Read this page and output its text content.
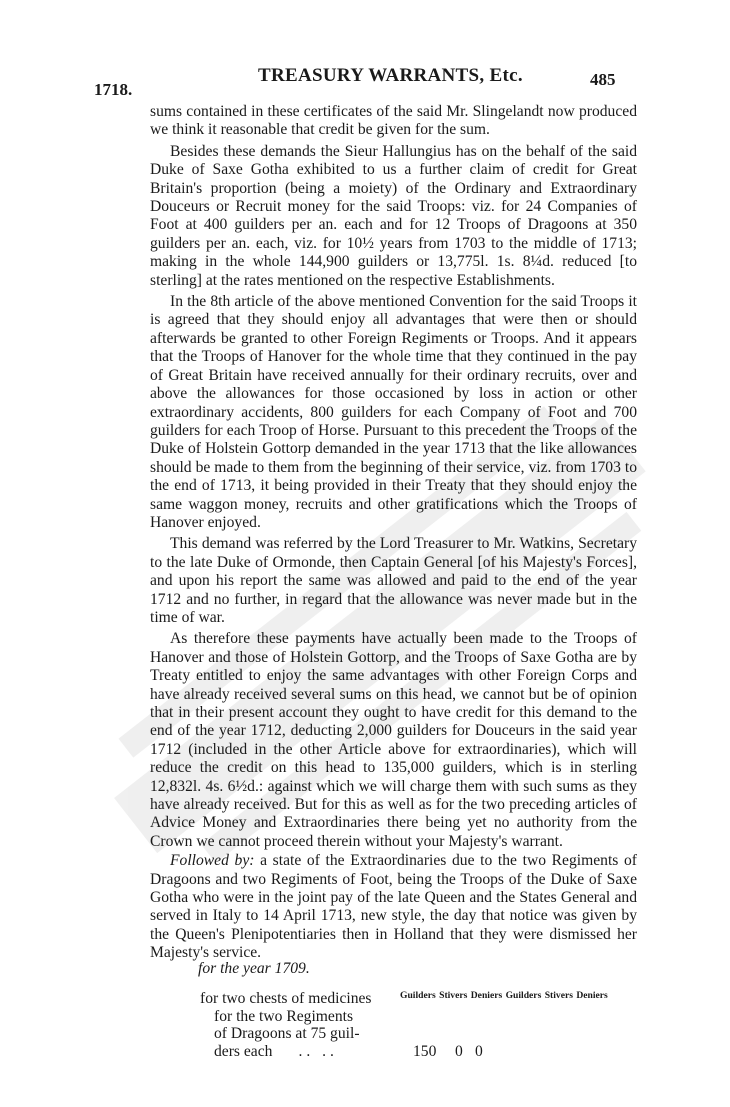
1718.
TREASURY WARRANTS, Etc.	485

sums contained in these certificates of the said Mr. Slingelandt now produced we think it reasonable that credit be given for the sum.

Besides these demands the Sieur Hallungius has on the behalf of the said Duke of Saxe Gotha exhibited to us a further claim of credit for Great Britain's proportion (being a moiety) of the Ordinary and Extraordinary Douceurs or Recruit money for the said Troops: viz. for 24 Companies of Foot at 400 guilders per an. each and for 12 Troops of Dragoons at 350 guilders per an. each, viz. for 10½ years from 1703 to the middle of 1713; making in the whole 144,900 guilders or 13,775l. 1s. 8¼d. reduced [to sterling] at the rates mentioned on the respective Establishments.

In the 8th article of the above mentioned Convention for the said Troops it is agreed that they should enjoy all advantages that were then or should afterwards be granted to other Foreign Regiments or Troops. And it appears that the Troops of Hanover for the whole time that they continued in the pay of Great Britain have received annually for their ordinary recruits, over and above the allowances for those occasioned by loss in action or other extraordinary accidents, 800 guilders for each Company of Foot and 700 guilders for each Troop of Horse. Pursuant to this precedent the Troops of the Duke of Holstein Gottorp demanded in the year 1713 that the like allowances should be made to them from the beginning of their service, viz. from 1703 to the end of 1713, it being provided in their Treaty that they should enjoy the same waggon money, recruits and other gratifications which the Troops of Hanover enjoyed.

This demand was referred by the Lord Treasurer to Mr. Watkins, Secretary to the late Duke of Ormonde, then Captain General [of his Majesty's Forces], and upon his report the same was allowed and paid to the end of the year 1712 and no further, in regard that the allowance was never made but in the time of war.

As therefore these payments have actually been made to the Troops of Hanover and those of Holstein Gottorp, and the Troops of Saxe Gotha are by Treaty entitled to enjoy the same advantages with other Foreign Corps and have already received several sums on this head, we cannot but be of opinion that in their present account they ought to have credit for this demand to the end of the year 1712, deducting 2,000 guilders for Douceurs in the said year 1712 (included in the other Article above for extraordinaries), which will reduce the credit on this head to 135,000 guilders, which is in sterling 12,832l. 4s. 6½d.: against which we will charge them with such sums as they have already received. But for this as well as for the two preceding articles of Advice Money and Extraordinaries there being yet no authority from the Crown we cannot proceed therein without your Majesty's warrant.

Followed by: a state of the Extraordinaries due to the two Regiments of Dragoons and two Regiments of Foot, being the Troops of the Duke of Saxe Gotha who were in the joint pay of the late Queen and the States General and served in Italy to 14 April 1713, new style, the day that notice was given by the Queen's Plenipotentiaries then in Holland that they were dismissed her Majesty's service.

for the year 1709.
for two chests of medicines
for the two Regiments
of Dragoons at 75 guil-
ders each .. ..
Guilders Stivers Deniers Guilders Stivers Deniers
150 0 0
